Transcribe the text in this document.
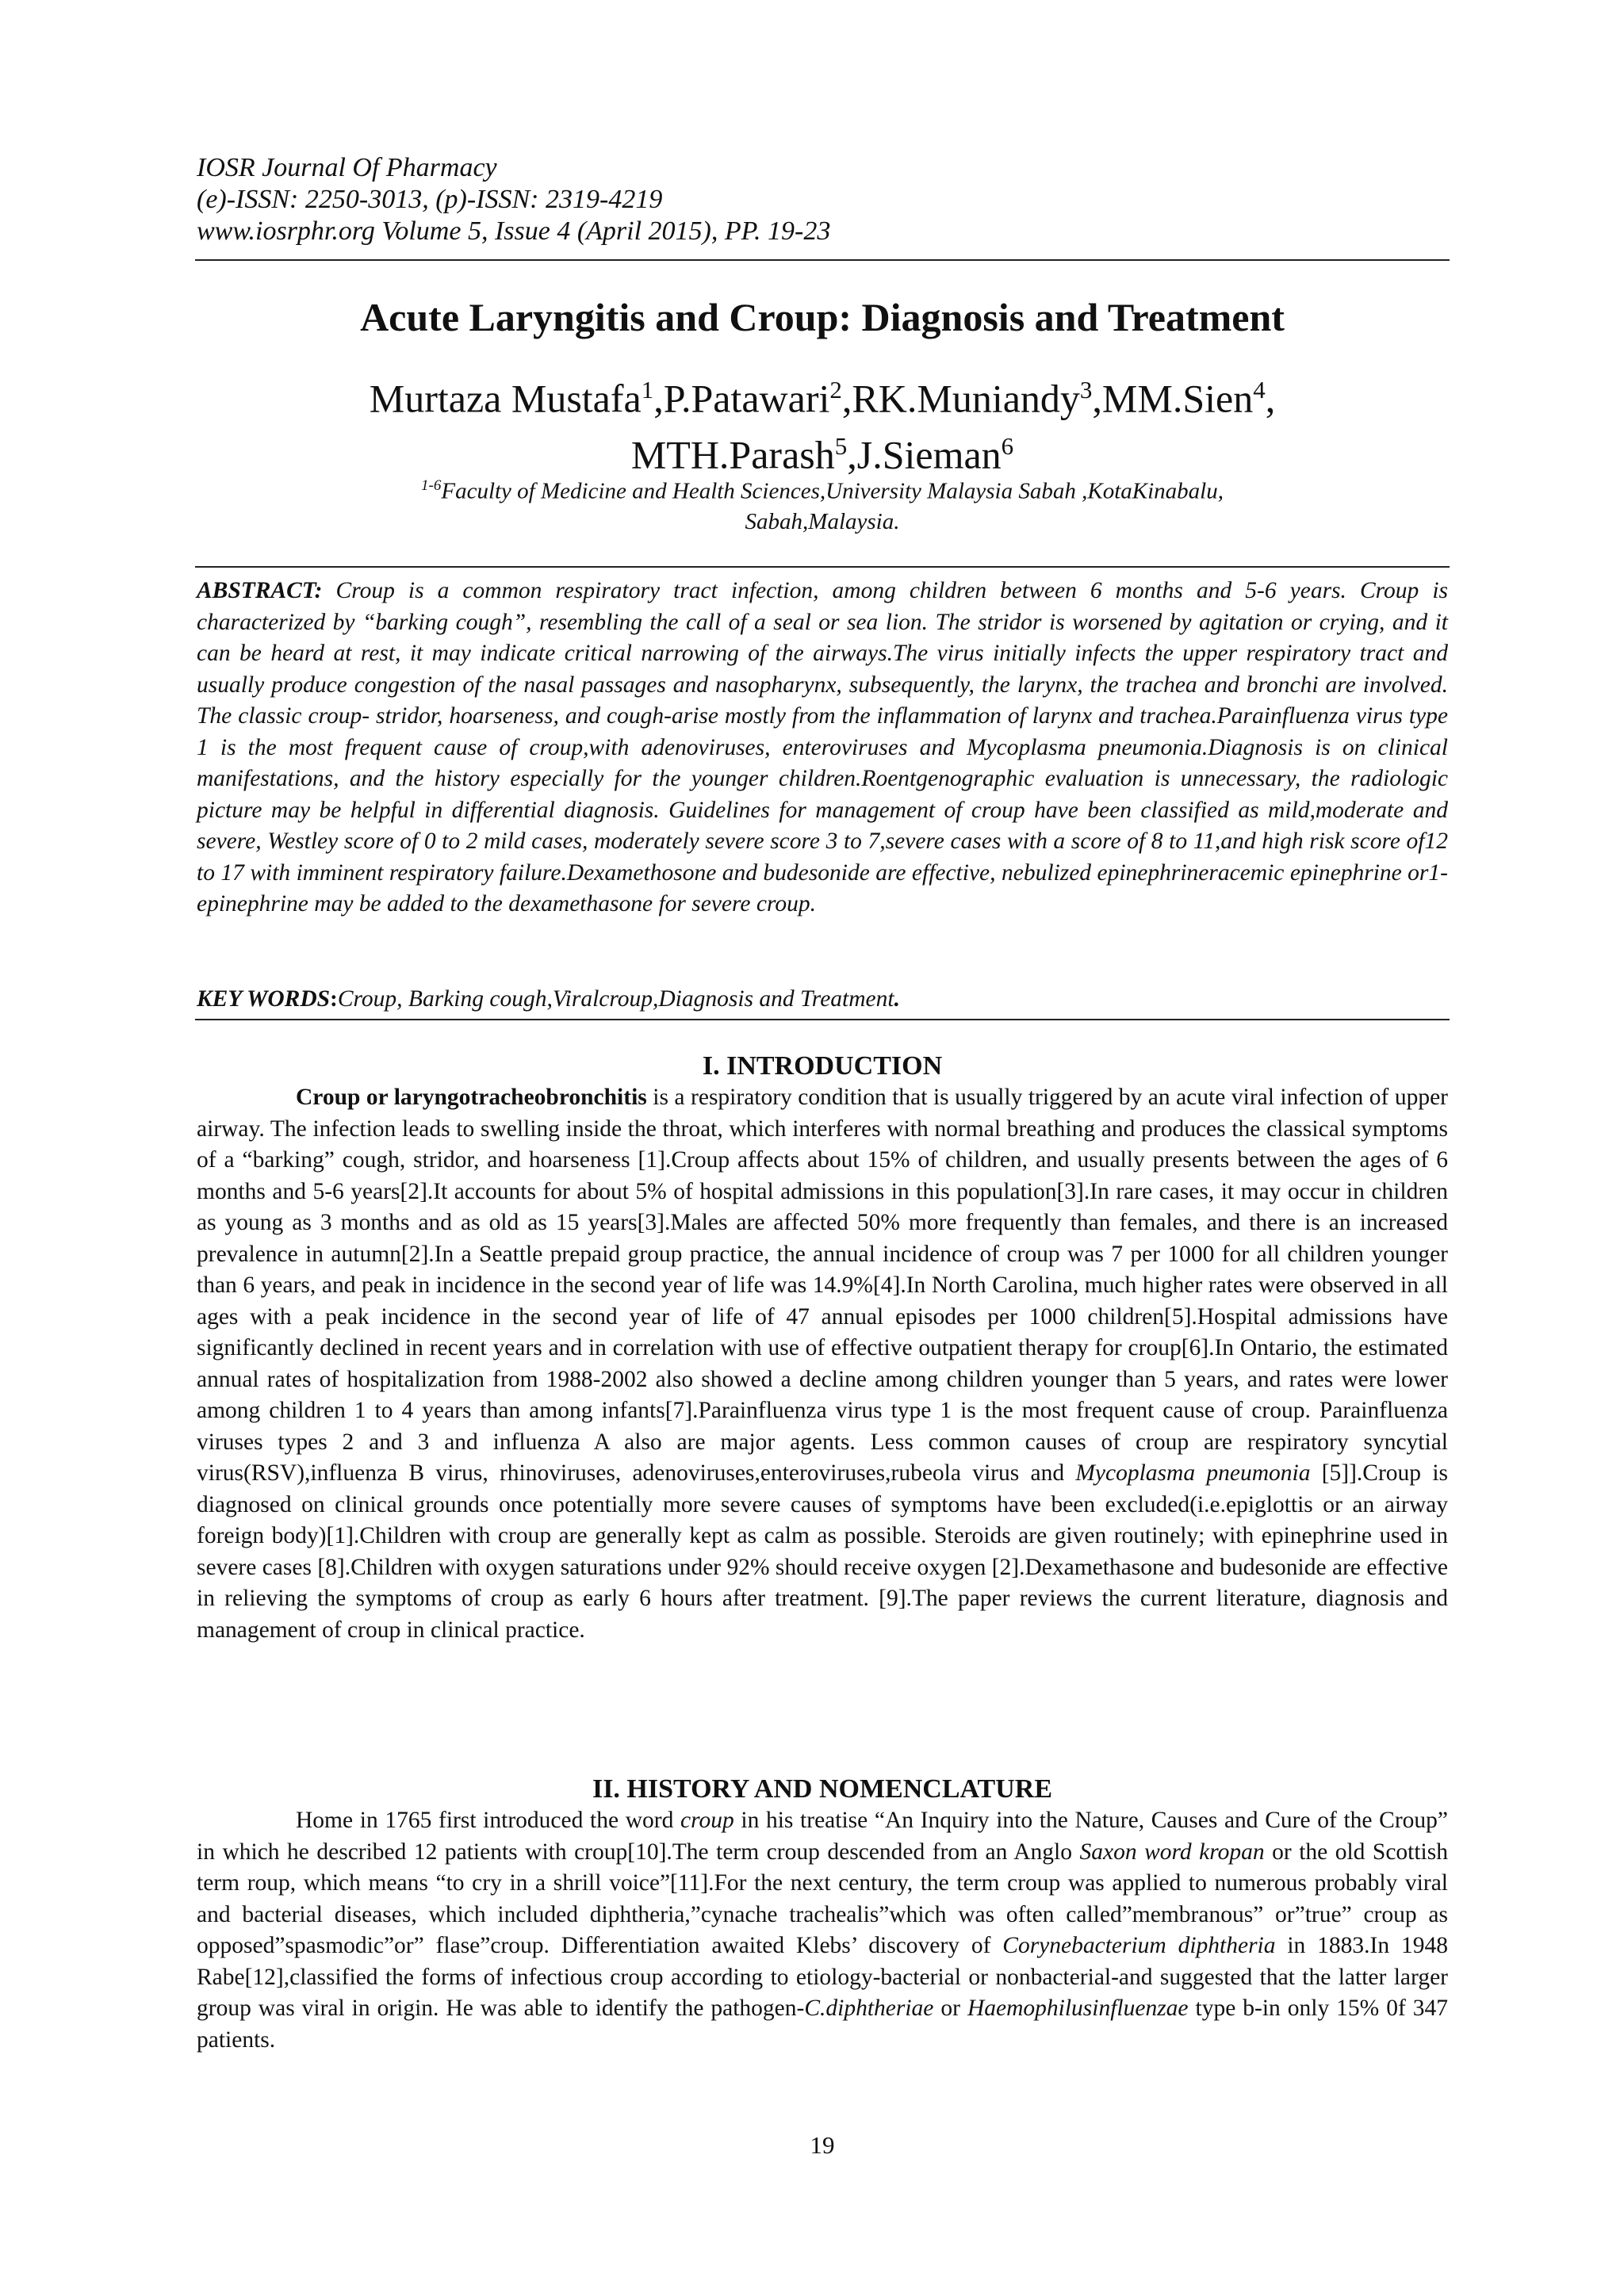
IOSR Journal Of Pharmacy
(e)-ISSN: 2250-3013, (p)-ISSN: 2319-4219
www.iosrphr.org Volume 5, Issue 4 (April 2015), PP. 19-23
Acute Laryngitis and Croup: Diagnosis and Treatment
Murtaza Mustafa$^1$,P.Patawari$^2$,RK.Muniandy$^3$,MM.Sien$^4$,
MTH.Parash$^5$,J.Sieman$^6$
$^{1-6}$Faculty of Medicine and Health Sciences,University Malaysia Sabah ,KotaKinabalu,
Sabah,Malaysia.

ABSTRACT: Croup is a common respiratory tract infection, among children between 6 months and 5-6 years. Croup is characterized by “barking cough”, resembling the call of a seal or sea lion. The stridor is worsened by agitation or crying, and it can be heard at rest, it may indicate critical narrowing of the airways.The virus initially infects the upper respiratory tract and usually produce congestion of the nasal passages and nasopharynx, subsequently, the larynx, the trachea and bronchi are involved. The classic croup- stridor, hoarseness, and cough-arise mostly from the inflammation of larynx and trachea.Parainfluenza virus type 1 is the most frequent cause of croup,with adenoviruses, enteroviruses and Mycoplasma pneumonia.Diagnosis is on clinical manifestations, and the history especially for the younger children.Roentgenographic evaluation is unnecessary, the radiologic picture may be helpful in differential diagnosis. Guidelines for management of croup have been classified as mild,moderate and severe, Westley score of 0 to 2 mild cases, moderately severe score 3 to 7,severe cases with a score of 8 to 11,and high risk score of12 to 17 with imminent respiratory failure.Dexamethosone and budesonide are effective, nebulized epinephrineracemic epinephrine or1-epinephrine may be added to the dexamethasone for severe croup.

KEY WORDS:Croup, Barking cough,Viralcroup,Diagnosis and Treatment.

I. INTRODUCTION

Croup or laryngotracheobronchitis is a respiratory condition that is usually triggered by an acute viral infection of upper airway. The infection leads to swelling inside the throat, which interferes with normal breathing and produces the classical symptoms of a “barking” cough, stridor, and hoarseness [1].Croup affects about 15% of children, and usually presents between the ages of 6 months and 5-6 years[2].It accounts for about 5% of hospital admissions in this population[3].In rare cases, it may occur in children as young as 3 months and as old as 15 years[3].Males are affected 50% more frequently than females, and there is an increased prevalence in autumn[2].In a Seattle prepaid group practice, the annual incidence of croup was 7 per 1000 for all children younger than 6 years, and peak in incidence in the second year of life was 14.9%[4].In North Carolina, much higher rates were observed in all ages with a peak incidence in the second year of life of 47 annual episodes per 1000 children[5].Hospital admissions have significantly declined in recent years and in correlation with use of effective outpatient therapy for croup[6].In Ontario, the estimated annual rates of hospitalization from 1988-2002 also showed a decline among children younger than 5 years, and rates were lower among children 1 to 4 years than among infants[7].Parainfluenza virus type 1 is the most frequent cause of croup. Parainfluenza viruses types 2 and 3 and influenza A also are major agents. Less common causes of croup are respiratory syncytial virus(RSV),influenza B virus, rhinoviruses, adenoviruses,enteroviruses,rubeola virus and Mycoplasma pneumonia [5]].Croup is diagnosed on clinical grounds once potentially more severe causes of symptoms have been excluded(i.e.epiglottis or an airway foreign body)[1].Children with croup are generally kept as calm as possible. Steroids are given routinely; with epinephrine used in severe cases [8].Children with oxygen saturations under 92% should receive oxygen [2].Dexamethasone and budesonide are effective in relieving the symptoms of croup as early 6 hours after treatment. [9].The paper reviews the current literature, diagnosis and management of croup in clinical practice.

II. HISTORY AND NOMENCLATURE

Home in 1765 first introduced the word croup in his treatise “An Inquiry into the Nature, Causes and Cure of the Croup” in which he described 12 patients with croup[10].The term croup descended from an Anglo Saxon word kropan or the old Scottish term roup, which means “to cry in a shrill voice”[11].For the next century, the term croup was applied to numerous probably viral and bacterial diseases, which included diphtheria,”cynache trachealis”which was often called”membranous” or”true” croup as opposed”spasmodic”or” flase”croup. Differentiation awaited Klebs’ discovery of Corynebacterium diphtheria in 1883.In 1948 Rabe[12],classified the forms of infectious croup according to etiology-bacterial or nonbacterial-and suggested that the latter larger group was viral in origin. He was able to identify the pathogen-C.diphtheriae or Haemophilusinfluenzae type b-in only 15% 0f 347 patients.

19
